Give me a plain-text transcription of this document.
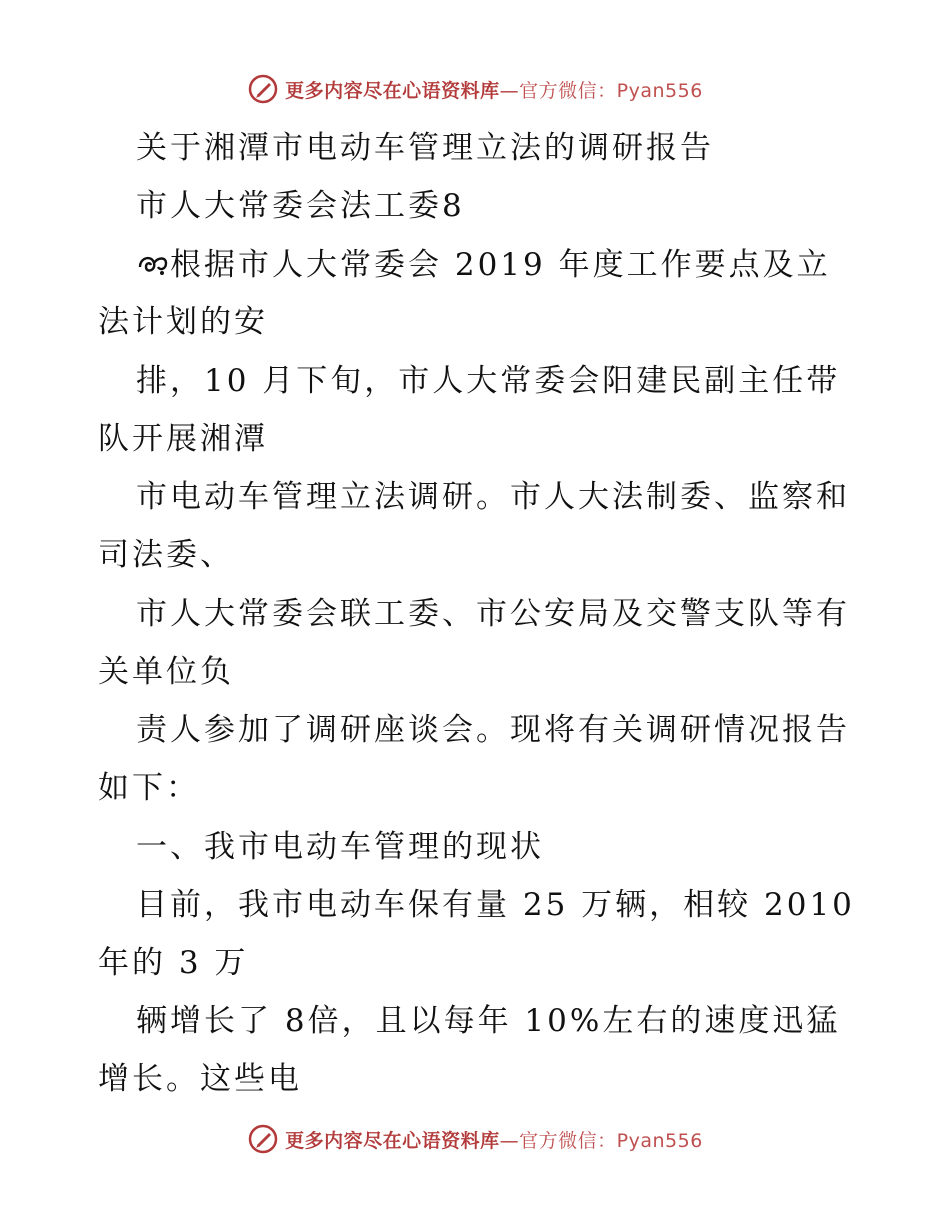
更多内容尽在心语资料库—官方微信：Pyan556
关于湘潭市电动车管理立法的调研报告
市人大常委会法工委8
根据市人大常委会 2019 年度工作要点及立
法计划的安
排，10 月下旬，市人大常委会阳建民副主任带
队开展湘潭
市电动车管理立法调研。市人大法制委、监察和
司法委、
市人大常委会联工委、市公安局及交警支队等有
关单位负
责人参加了调研座谈会。现将有关调研情况报告
如下：
一、我市电动车管理的现状
目前，我市电动车保有量 25 万辆，相较 2010
年的 3 万
辆增长了 8倍，且以每年 10%左右的速度迅猛
增长。这些电
更多内容尽在心语资料库—官方微信：Pyan556
